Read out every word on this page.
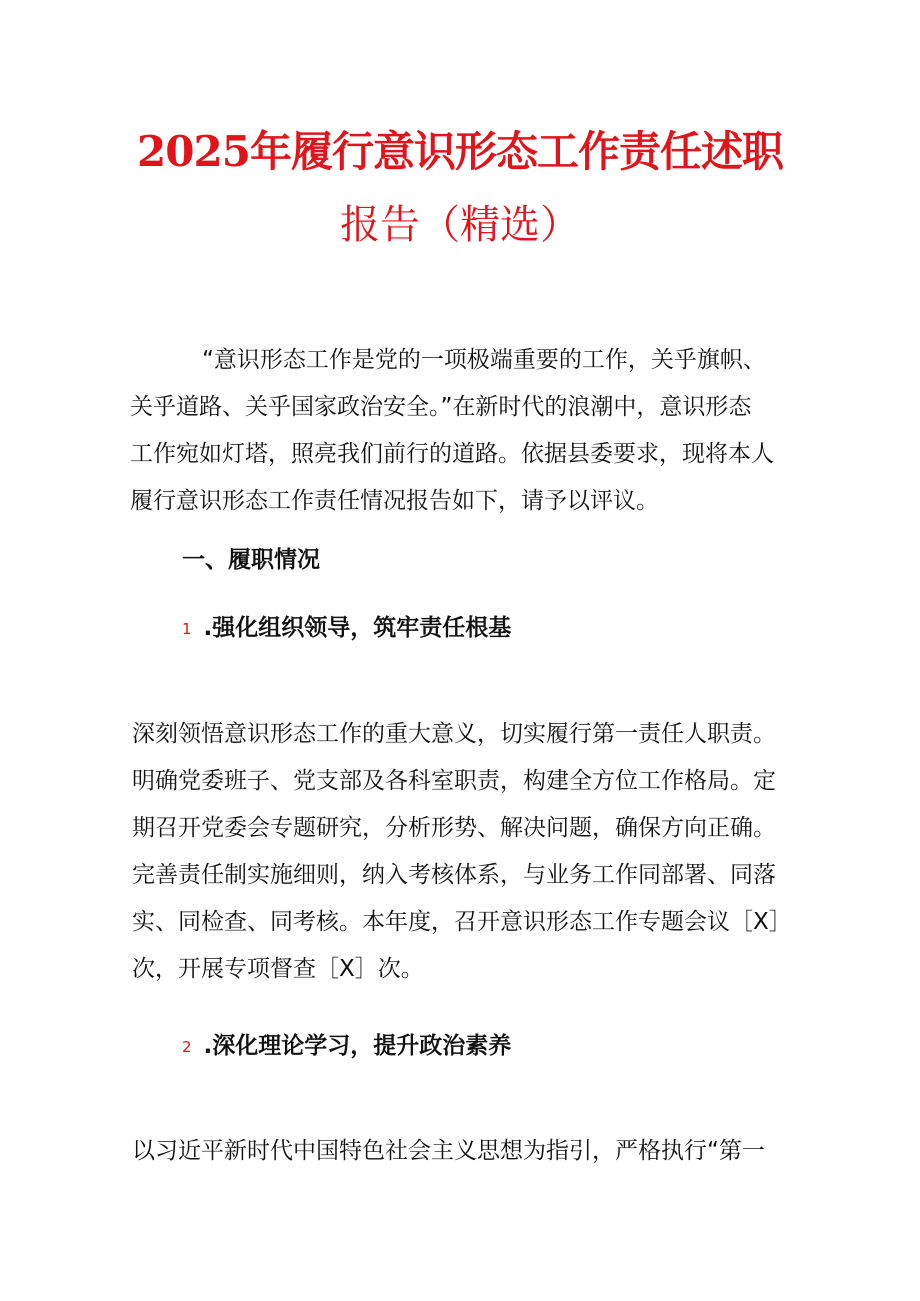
2025年履行意识形态工作责任述职
报告（精选）
“意识形态工作是党的一项极端重要的工作，关乎旗帜、
关乎道路、关乎国家政治安全。”在新时代的浪潮中，意识形态
工作宛如灯塔，照亮我们前行的道路。依据县委要求，现将本人
履行意识形态工作责任情况报告如下，请予以评议。
一、履职情况
1 .强化组织领导，筑牢责任根基
深刻领悟意识形态工作的重大意义，切实履行第一责任人职责。
明确党委班子、党支部及各科室职责，构建全方位工作格局。定
期召开党委会专题研究，分析形势、解决问题，确保方向正确。
完善责任制实施细则，纳入考核体系，与业务工作同部署、同落
实、同检查、同考核。本年度，召开意识形态工作专题会议［X］
次，开展专项督查［X］次。
2 .深化理论学习，提升政治素养
以习近平新时代中国特色社会主义思想为指引，严格执行“第一
